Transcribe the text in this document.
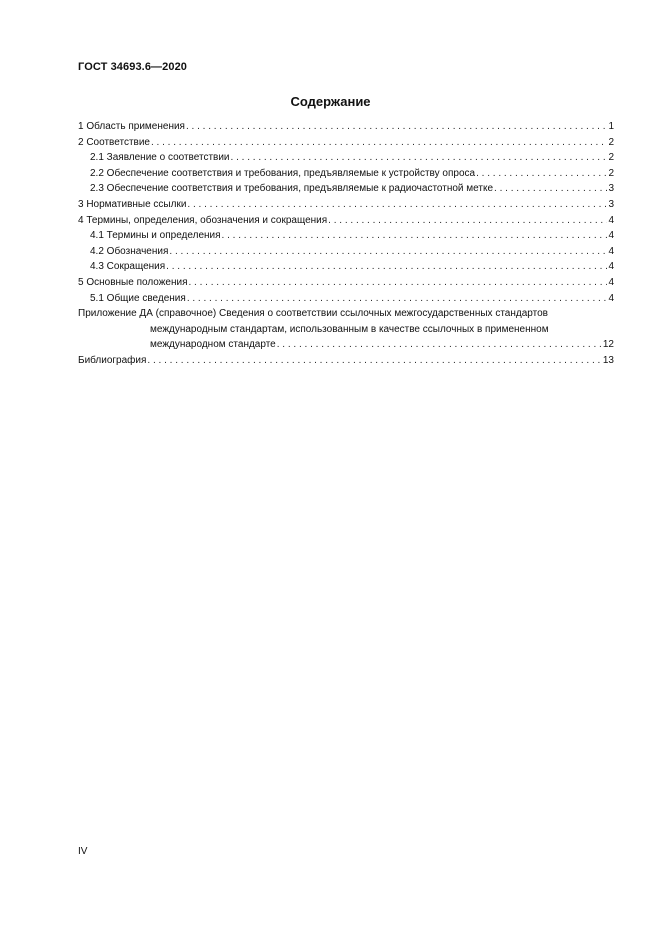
ГОСТ 34693.6—2020
Содержание
1 Область применения . . .	1
2 Соответствие . . .	2
2.1 Заявление о соответствии . . .	2
2.2 Обеспечение соответствия и требования, предъявляемые к устройству опроса . . .	2
2.3 Обеспечение соответствия и требования, предъявляемые к радиочастотной метке . . .	3
3 Нормативные ссылки . . .	3
4 Термины, определения, обозначения и сокращения . . .	4
4.1 Термины и определения . . .	4
4.2 Обозначения . . .	4
4.3 Сокращения . . .	4
5 Основные положения . . .	4
5.1 Общие сведения . . .	4
Приложение ДА (справочное) Сведения о соответствии ссылочных межгосударственных стандартов
международным стандартам, использованным в качестве ссылочных в примененном
международном стандарте . . .	12
Библиография . . .	13
IV
